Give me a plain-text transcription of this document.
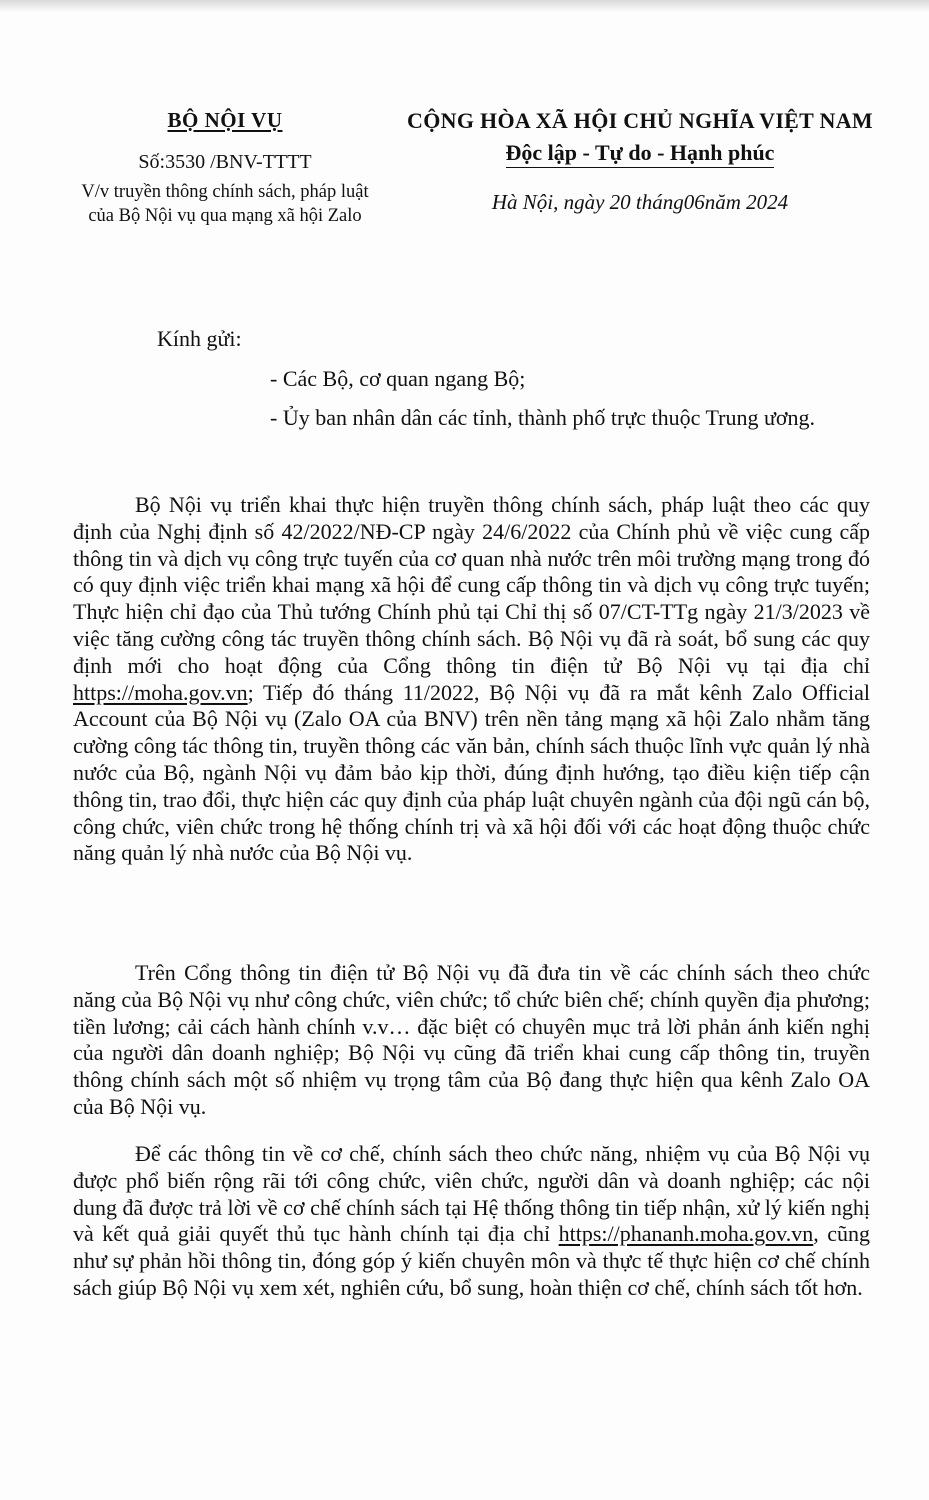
BỘ NỘI VỤ
Số:3530 /BNV-TTTT
V/v truyền thông chính sách, pháp luật
của Bộ Nội vụ qua mạng xã hội Zalo
CỘNG HÒA XÃ HỘI CHỦ NGHĨA VIỆT NAM
Độc lập - Tự do - Hạnh phúc
Hà Nội, ngày 20 tháng06năm 2024
Kính gửi:
- Các Bộ, cơ quan ngang Bộ;
- Ủy ban nhân dân các tỉnh, thành phố trực thuộc Trung ương.

Bộ Nội vụ triển khai thực hiện truyền thông chính sách, pháp luật theo các quy định của Nghị định số 42/2022/NĐ-CP ngày 24/6/2022 của Chính phủ về việc cung cấp thông tin và dịch vụ công trực tuyến của cơ quan nhà nước trên môi trường mạng trong đó có quy định việc triển khai mạng xã hội để cung cấp thông tin và dịch vụ công trực tuyến; Thực hiện chỉ đạo của Thủ tướng Chính phủ tại Chỉ thị số 07/CT-TTg ngày 21/3/2023 về việc tăng cường công tác truyền thông chính sách. Bộ Nội vụ đã rà soát, bổ sung các quy định mới cho hoạt động của Cổng thông tin điện tử Bộ Nội vụ tại địa chỉ https://moha.gov.vn; Tiếp đó tháng 11/2022, Bộ Nội vụ đã ra mắt kênh Zalo Official Account của Bộ Nội vụ (Zalo OA của BNV) trên nền tảng mạng xã hội Zalo nhằm tăng cường công tác thông tin, truyền thông các văn bản, chính sách thuộc lĩnh vực quản lý nhà nước của Bộ, ngành Nội vụ đảm bảo kịp thời, đúng định hướng, tạo điều kiện tiếp cận thông tin, trao đổi, thực hiện các quy định của pháp luật chuyên ngành của đội ngũ cán bộ, công chức, viên chức trong hệ thống chính trị và xã hội đối với các hoạt động thuộc chức năng quản lý nhà nước của Bộ Nội vụ.

Trên Cổng thông tin điện tử Bộ Nội vụ đã đưa tin về các chính sách theo chức năng của Bộ Nội vụ như công chức, viên chức; tổ chức biên chế; chính quyền địa phương; tiền lương; cải cách hành chính v.v… đặc biệt có chuyên mục trả lời phản ánh kiến nghị của người dân doanh nghiệp; Bộ Nội vụ cũng đã triển khai cung cấp thông tin, truyền thông chính sách một số nhiệm vụ trọng tâm của Bộ đang thực hiện qua kênh Zalo OA của Bộ Nội vụ.

Để các thông tin về cơ chế, chính sách theo chức năng, nhiệm vụ của Bộ Nội vụ được phổ biến rộng rãi tới công chức, viên chức, người dân và doanh nghiệp; các nội dung đã được trả lời về cơ chế chính sách tại Hệ thống thông tin tiếp nhận, xử lý kiến nghị và kết quả giải quyết thủ tục hành chính tại địa chỉ https://phananh.moha.gov.vn, cũng như sự phản hồi thông tin, đóng góp ý kiến chuyên môn và thực tế thực hiện cơ chế chính sách giúp Bộ Nội vụ xem xét, nghiên cứu, bổ sung, hoàn thiện cơ chế, chính sách tốt hơn.
